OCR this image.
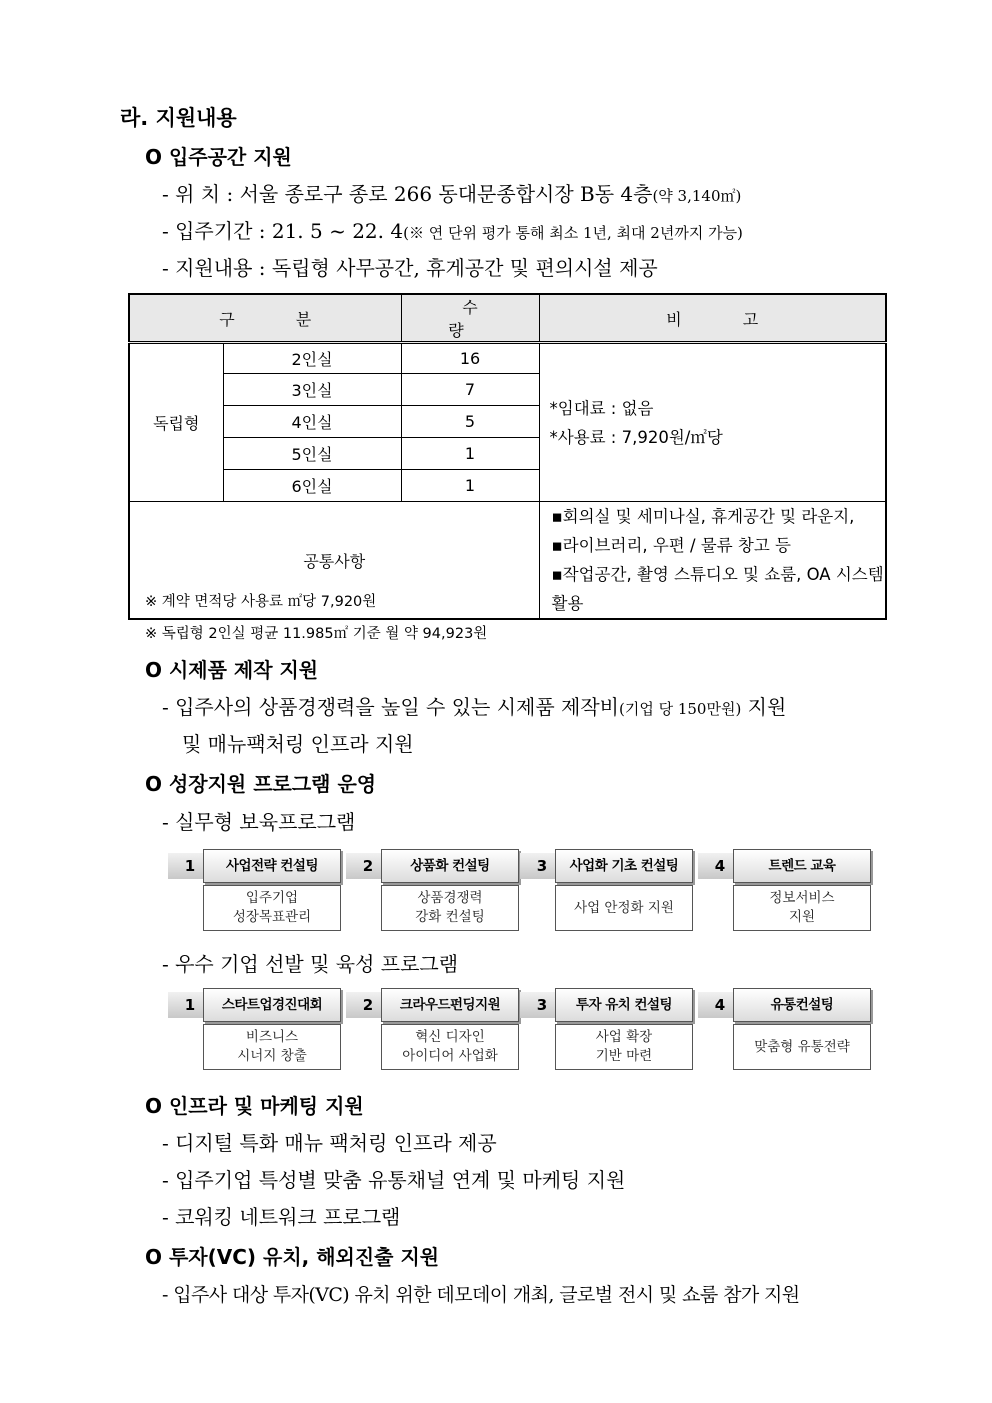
라. 지원내용
O 입주공간 지원
- 위 치 : 서울 종로구 종로 266 동대문종합시장 B동 4층(약 3,140㎡)
- 입주기간 : 21. 5 ~ 22. 4(※ 연 단위 평가 통해 최소 1년, 최대 2년까지 가능)
- 지원내용 : 독립형 사무공간, 휴게공간 및 편의시설 제공
구 분		수 량	비 고
독립형	2인실	16	*임대료 : 없음
*사용료 : 7,920원/㎡당

	3인실	7	
	4인실	5	
	5인실	1	
	6인실	1	
공통사항			▪회의실 및 세미나실, 휴게공간 및 라운지,
▪라이브러리, 우편 / 물류 창고 등
▪작업공간, 촬영 스튜디오 및 쇼룸, OA 시스템 활용
※ 계약 면적당 사용료 ㎡당 7,920원
※ 독립형 2인실 평균 11.985㎡ 기준 월 약 94,923원
O 시제품 제작 지원
- 입주사의 상품경쟁력을 높일 수 있는 시제품 제작비(기업 당 150만원) 지원
및 매뉴팩처링 인프라 지원
O 성장지원 프로그램 운영
- 실무형 보육프로그램
1	사업전략 컨설팅
입주기업
성장목표관리
2	상품화 컨설팅
상품경쟁력
강화 컨설팅
3	사업화 기초 컨설팅
사업 안정화 지원
4	트렌드 교육
정보서비스
지원
- 우수 기업 선발 및 육성 프로그램
1	스타트업경진대회
비즈니스
시너지 창출
2	크라우드펀딩지원
혁신 디자인
아이디어 사업화
3	투자 유치 컨설팅
사업 확장
기반 마련
4	유통컨설팅
맞춤형 유통전략
O 인프라 및 마케팅 지원
- 디지털 특화 매뉴 팩처링 인프라 제공
- 입주기업 특성별 맞춤 유통채널 연계 및 마케팅 지원
- 코워킹 네트워크 프로그램
O 투자(VC) 유치, 해외진출 지원
- 입주사 대상 투자(VC) 유치 위한 데모데이 개최, 글로벌 전시 및 쇼룸 참가 지원
